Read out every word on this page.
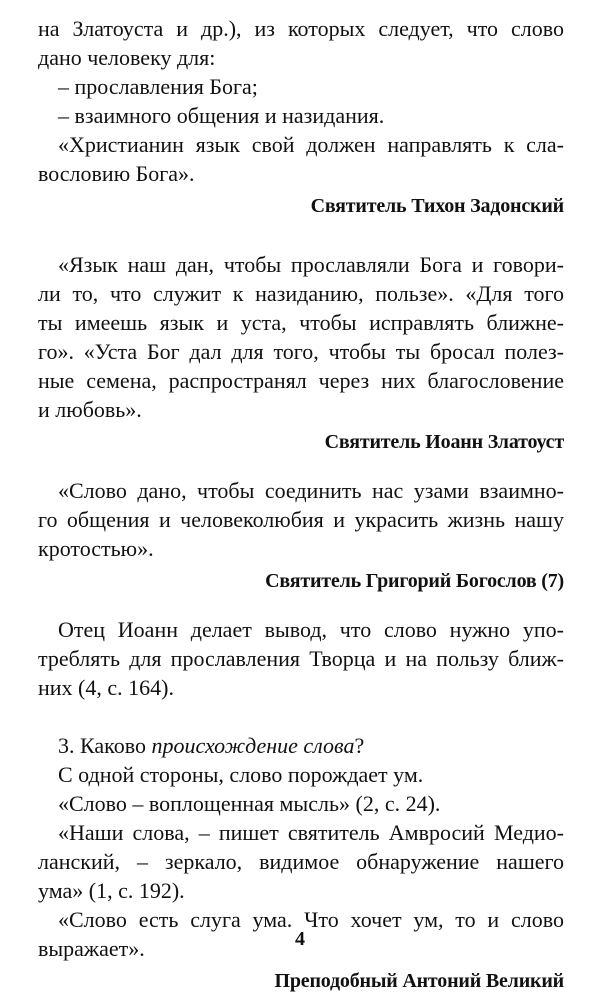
на Златоуста и др.), из которых следует, что слово
дано человеку для:
– прославления Бога;
– взаимного общения и назидания.
«Христианин язык свой должен направлять к сла-
вословию Бога».
Святитель Тихон Задонский
«Язык наш дан, чтобы прославляли Бога и говори-
ли то, что служит к назиданию, пользе». «Для того
ты имеешь язык и уста, чтобы исправлять ближне-
го». «Уста Бог дал для того, чтобы ты бросал полез-
ные семена, распространял через них благословение
и любовь».
Святитель Иоанн Златоуст
«Слово дано, чтобы соединить нас узами взаимно-
го общения и человеколюбия и украсить жизнь нашу
кротостью».
Святитель Григорий Богослов (7)
Отец Иоанн делает вывод, что слово нужно упо-
треблять для прославления Творца и на пользу ближ-
них (4, с. 164).
3. Каково происхождение слова?
С одной стороны, слово порождает ум.
«Слово – воплощенная мысль» (2, с. 24).
«Наши слова, – пишет святитель Амвросий Медио-
ланский, – зеркало, видимое обнаружение нашего
ума» (1, с. 192).
«Слово есть слуга ума. Что хочет ум, то и слово
выражает».
Преподобный Антоний Великий
4
